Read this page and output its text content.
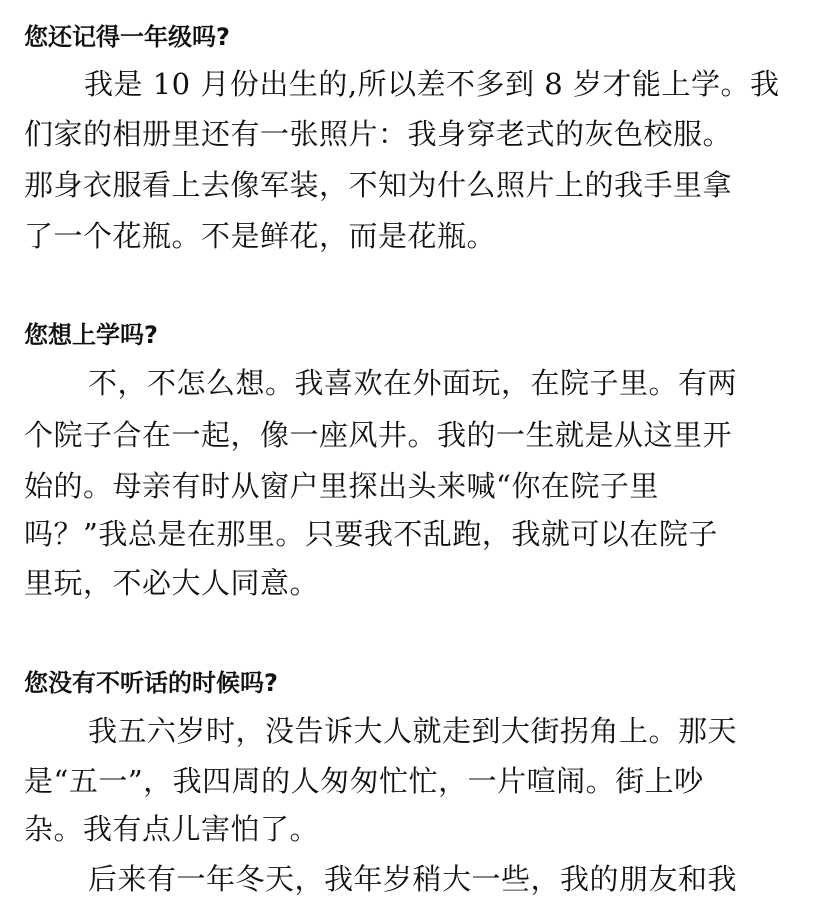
您还记得一年级吗?
我是 10 月份出生的,所以差不多到 8 岁才能上学。我
们家的相册里还有一张照片：我身穿老式的灰色校服。
那身衣服看上去像军装，不知为什么照片上的我手里拿
了一个花瓶。不是鲜花，而是花瓶。
您想上学吗?
不，不怎么想。我喜欢在外面玩，在院子里。有两
个院子合在一起，像一座风井。我的一生就是从这里开
始的。母亲有时从窗户里探出头来喊“你在院子里
吗？”我总是在那里。只要我不乱跑，我就可以在院子
里玩，不必大人同意。
您没有不听话的时候吗?
我五六岁时，没告诉大人就走到大街拐角上。那天
是“五一”，我四周的人匆匆忙忙，一片喧闹。街上吵
杂。我有点儿害怕了。
后来有一年冬天，我年岁稍大一些，我的朋友和我
